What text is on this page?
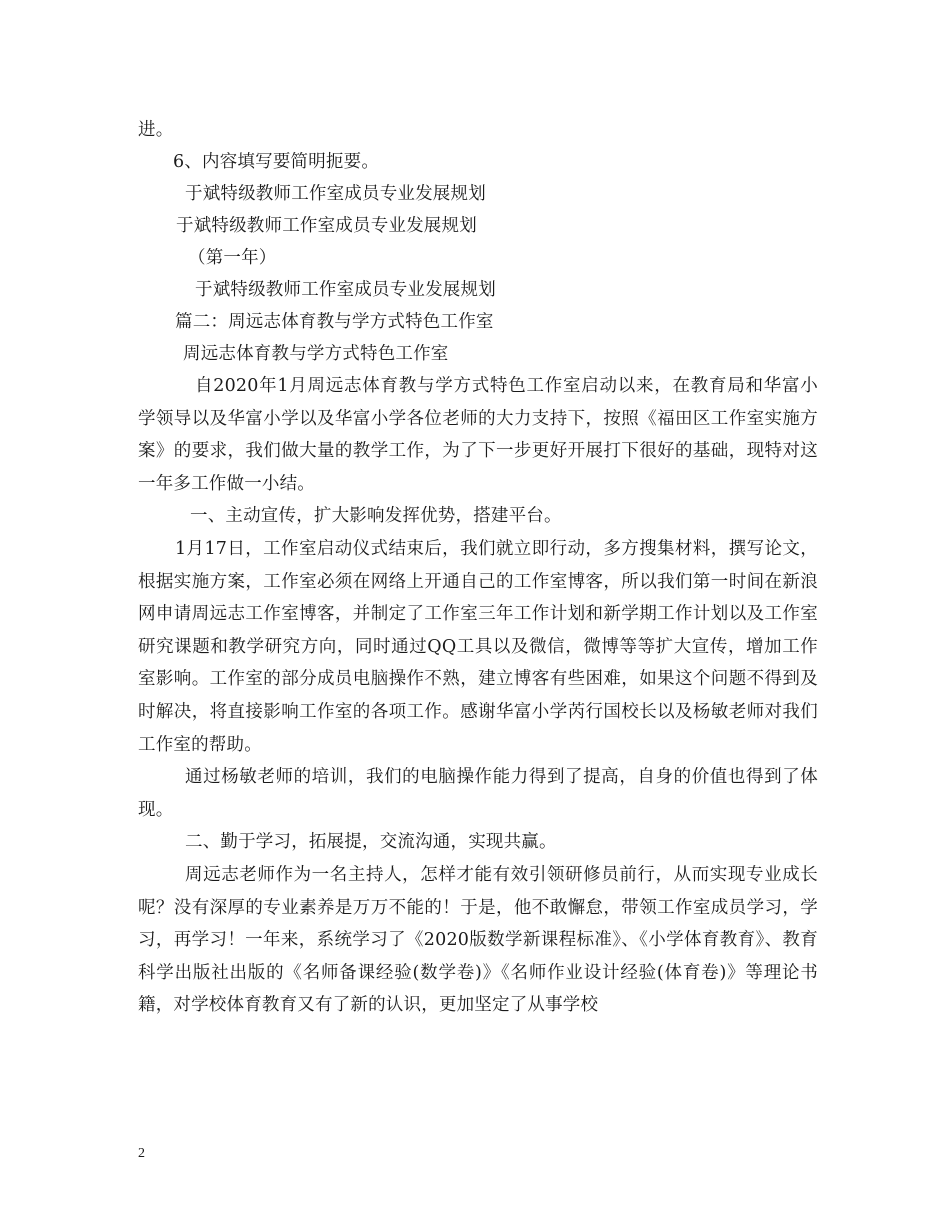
进。
6、内容填写要简明扼要。
于斌特级教师工作室成员专业发展规划
于斌特级教师工作室成员专业发展规划
（第一年）
于斌特级教师工作室成员专业发展规划
篇二：周远志体育教与学方式特色工作室
周远志体育教与学方式特色工作室

自2020年1月周远志体育教与学方式特色工作室启动以来，在教育局和华富小学领导以及华富小学以及华富小学各位老师的大力支持下，按照《福田区工作室实施方案》的要求，我们做大量的教学工作，为了下一步更好开展打下很好的基础，现特对这一年多工作做一小结。

一、主动宣传，扩大影响发挥优势，搭建平台。

1月17日，工作室启动仪式结束后，我们就立即行动，多方搜集材料，撰写论文，根据实施方案，工作室必须在网络上开通自己的工作室博客，所以我们第一时间在新浪网申请周远志工作室博客，并制定了工作室三年工作计划和新学期工作计划以及工作室研究课题和教学研究方向，同时通过QQ工具以及微信，微博等等扩大宣传，增加工作室影响。工作室的部分成员电脑操作不熟，建立博客有些困难，如果这个问题不得到及时解决，将直接影响工作室的各项工作。感谢华富小学芮行国校长以及杨敏老师对我们工作室的帮助。

通过杨敏老师的培训，我们的电脑操作能力得到了提高，自身的价值也得到了体现。

二、勤于学习，拓展提，交流沟通，实现共赢。

周远志老师作为一名主持人，怎样才能有效引领研修员前行，从而实现专业成长呢？没有深厚的专业素养是万万不能的！于是，他不敢懈怠，带领工作室成员学习，学习，再学习！一年来，系统学习了《2020版数学新课程标准》、《小学体育教育》、教育科学出版社出版的《名师备课经验(数学卷)》《名师作业设计经验(体育卷)》等理论书籍，对学校体育教育又有了新的认识，更加坚定了从事学校

2
